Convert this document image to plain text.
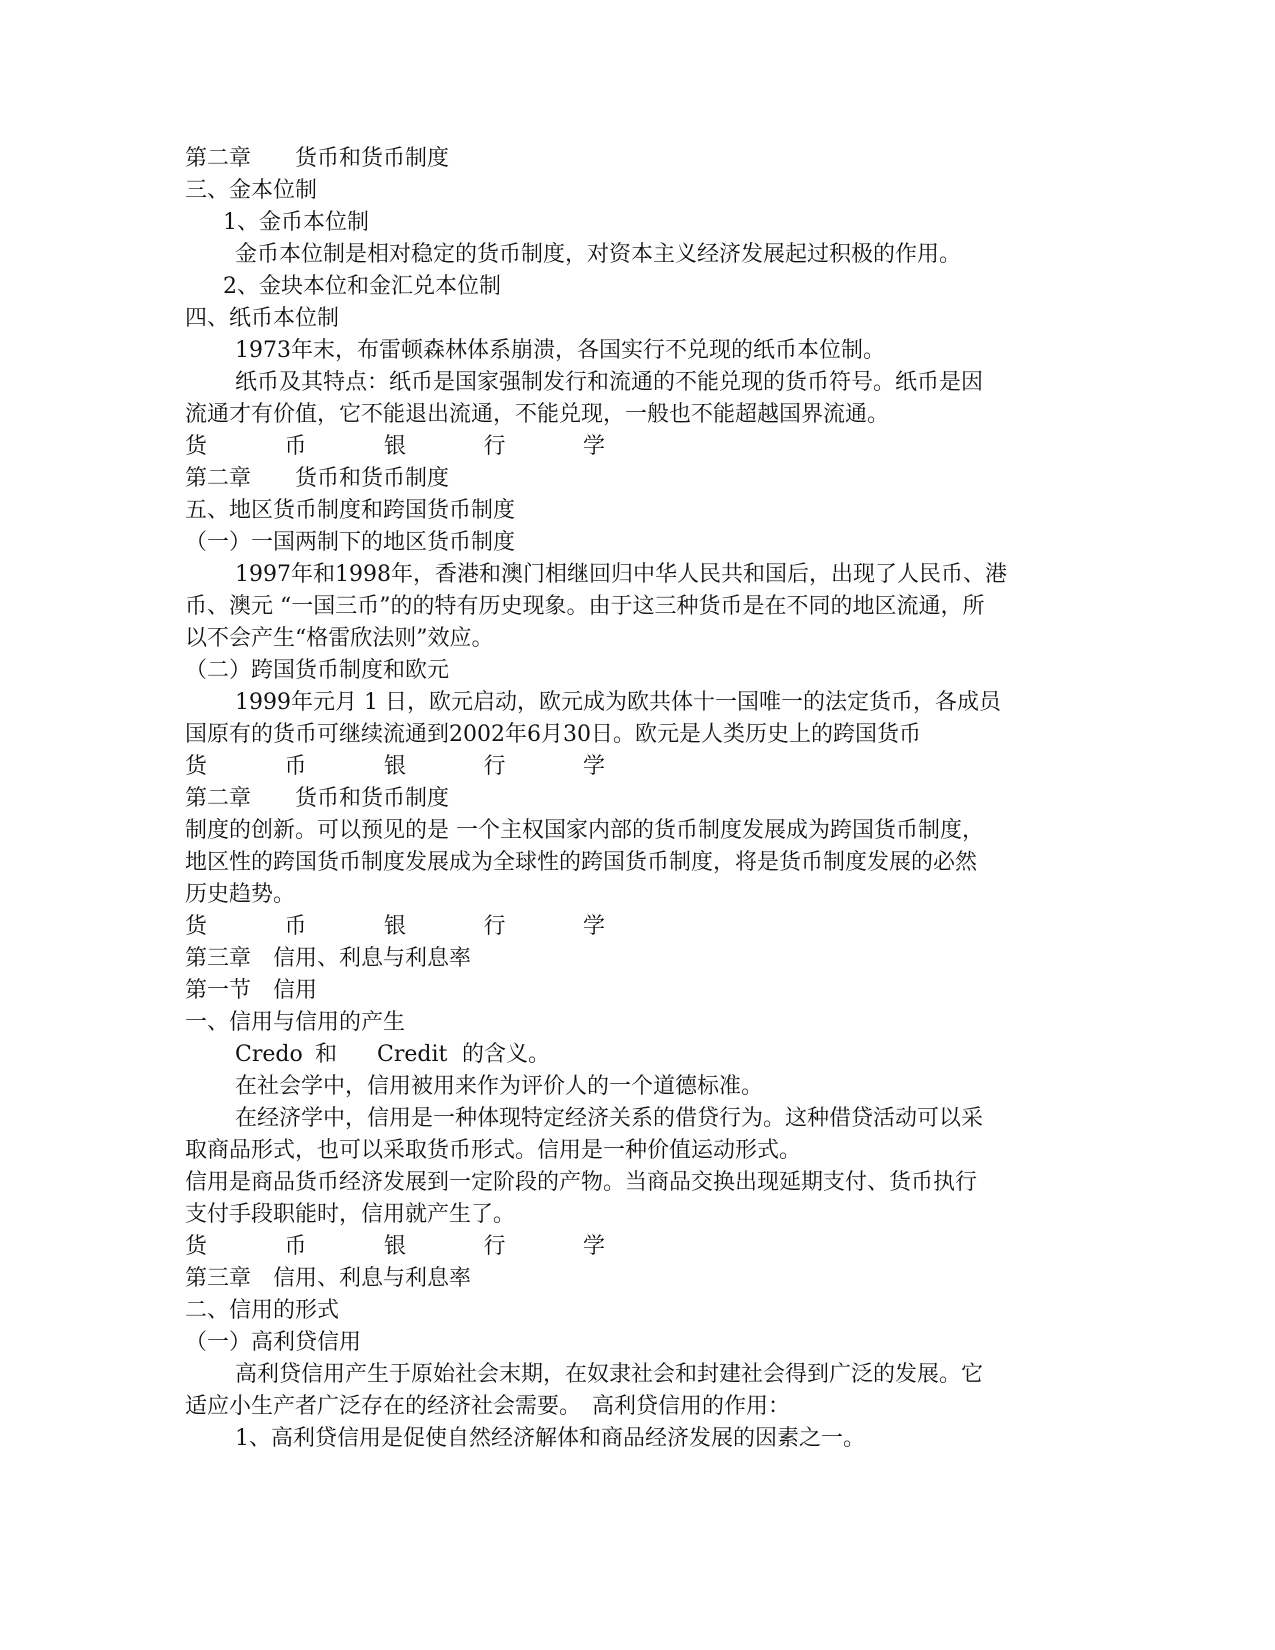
第二章 货币和货币制度
三、金本位制
1、金币本位制
金币本位制是相对稳定的货币制度，对资本主义经济发展起过积极的作用。
2、金块本位和金汇兑本位制
四、纸币本位制
1973年末，布雷顿森林体系崩溃，各国实行不兑现的纸币本位制。
纸币及其特点：纸币是国家强制发行和流通的不能兑现的货币符号。纸币是因
流通才有价值，它不能退出流通，不能兑现，一般也不能超越国界流通。
货	币	银	行	学
第二章 货币和货币制度
五、地区货币制度和跨国货币制度
（一）一国两制下的地区货币制度
1997年和1998年，香港和澳门相继回归中华人民共和国后，出现了人民币、港
币、澳元 “一国三币”的的特有历史现象。由于这三种货币是在不同的地区流通，所
以不会产生“格雷欣法则”效应。
（二）跨国货币制度和欧元
1999年元月 1 日，欧元启动，欧元成为欧共体十一国唯一的法定货币，各成员
国原有的货币可继续流通到2002年6月30日。欧元是人类历史上的跨国货币
货	币	银	行	学
第二章 货币和货币制度
制度的创新。可以预见的是 一个主权国家内部的货币制度发展成为跨国货币制度，
地区性的跨国货币制度发展成为全球性的跨国货币制度，将是货币制度发展的必然
历史趋势。
货	币	银	行	学
第三章 信用、利息与利息率
第一节 信用
一、信用与信用的产生
Credo 和 Credit 的含义。
在社会学中，信用被用来作为评价人的一个道德标准。
在经济学中，信用是一种体现特定经济关系的借贷行为。这种借贷活动可以采
取商品形式，也可以采取货币形式。信用是一种价值运动形式。
信用是商品货币经济发展到一定阶段的产物。当商品交换出现延期支付、货币执行
支付手段职能时，信用就产生了。
货	币	银	行	学
第三章 信用、利息与利息率
二、信用的形式
（一）高利贷信用
高利贷信用产生于原始社会末期，在奴隶社会和封建社会得到广泛的发展。它
适应小生产者广泛存在的经济社会需要。　高利贷信用的作用：
1、高利贷信用是促使自然经济解体和商品经济发展的因素之一。
